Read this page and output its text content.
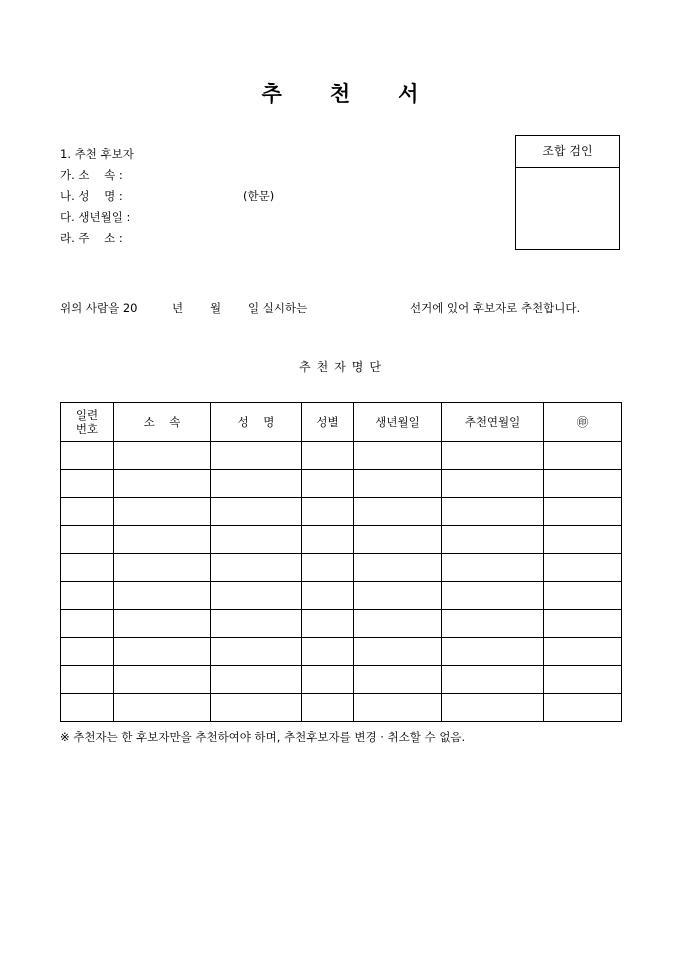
추 천 서
1. 추천 후보자
가. 소    속 :
나. 성    명 :	(한문)
다. 생년월일 :
라. 주    소 :
조합 검인
위의 사람을 20	년 월 일 실시하는	선거에 있어 후보자로 추천합니다.
추 천 자 명 단
일련
번호	소    속	성    명	성별	생년월일	추천연월일	㊞

※ 추천자는 한 후보자만을 추천하여야 하며, 추천후보자를 변경 · 취소할 수 없음.
